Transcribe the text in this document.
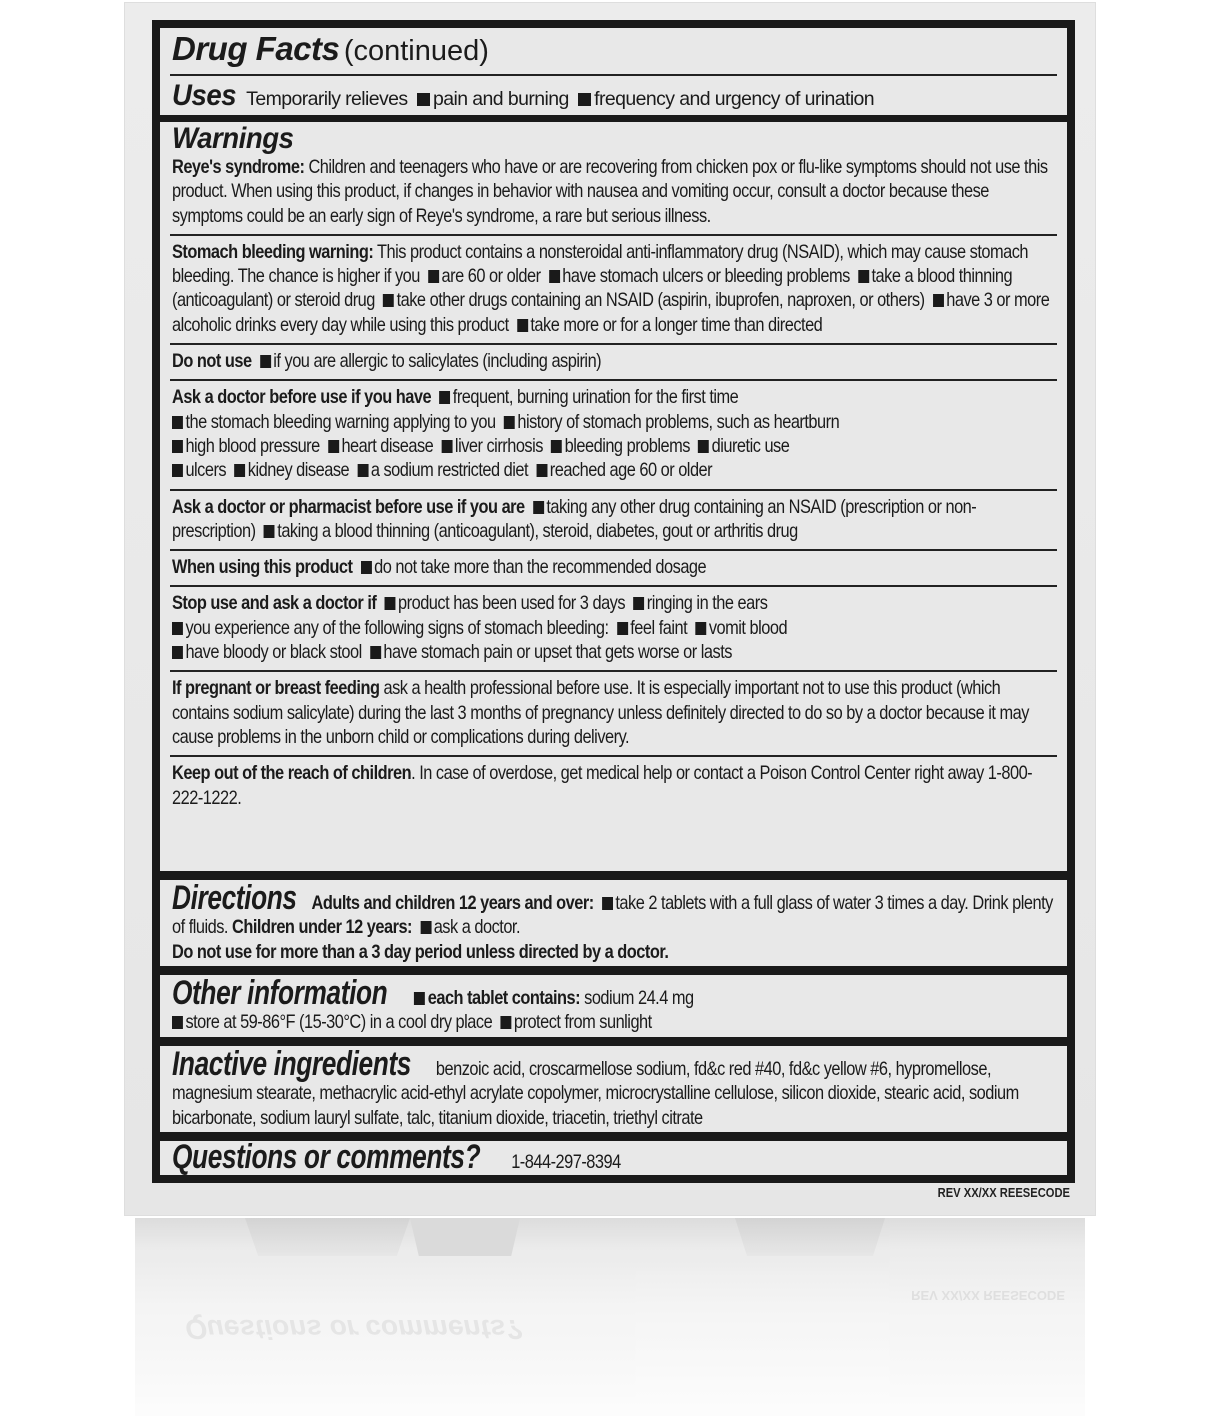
Drug Facts (continued)
Uses Temporarily relieves pain and burning frequency and urgency of urination
Warnings
Reye's syndrome: Children and teenagers who have or are recovering from chicken pox or flu-like symptoms should not use this product. When using this product, if changes in behavior with nausea and vomiting occur, consult a doctor because these symptoms could be an early sign of Reye's syndrome, a rare but serious illness.
Stomach bleeding warning: This product contains a nonsteroidal anti-inflammatory drug (NSAID), which may cause stomach bleeding. The chance is higher if you are 60 or older have stomach ulcers or bleeding problems take a blood thinning (anticoagulant) or steroid drug take other drugs containing an NSAID (aspirin, ibuprofen, naproxen, or others) have 3 or more alcoholic drinks every day while using this product take more or for a longer time than directed
Do not use if you are allergic to salicylates (including aspirin)
Ask a doctor before use if you have frequent, burning urination for the first time
the stomach bleeding warning applying to you history of stomach problems, such as heartburn
high blood pressure heart disease liver cirrhosis bleeding problems diuretic use
ulcers kidney disease a sodium restricted diet reached age 60 or older
Ask a doctor or pharmacist before use if you are taking any other drug containing an NSAID (prescription or non-prescription) taking a blood thinning (anticoagulant), steroid, diabetes, gout or arthritis drug
When using this product do not take more than the recommended dosage
Stop use and ask a doctor if product has been used for 3 days ringing in the ears
you experience any of the following signs of stomach bleeding: feel faint vomit blood
have bloody or black stool have stomach pain or upset that gets worse or lasts
If pregnant or breast feeding ask a health professional before use. It is especially important not to use this product (which contains sodium salicylate) during the last 3 months of pregnancy unless definitely directed to do so by a doctor because it may cause problems in the unborn child or complications during delivery.
Keep out of the reach of children. In case of overdose, get medical help or contact a Poison Control Center right away 1-800-222-1222.
Directions Adults and children 12 years and over: take 2 tablets with a full glass of water 3 times a day. Drink plenty of fluids. Children under 12 years: ask a doctor.
Do not use for more than a 3 day period unless directed by a doctor.
Other information each tablet contains: sodium 24.4 mg
store at 59-86°F (15-30°C) in a cool dry place protect from sunlight
Inactive ingredients benzoic acid, croscarmellose sodium, fd&c red #40, fd&c yellow #6, hypromellose, magnesium stearate, methacrylic acid-ethyl acrylate copolymer, microcrystalline cellulose, silicon dioxide, stearic acid, sodium bicarbonate, sodium lauryl sulfate, talc, titanium dioxide, triacetin, triethyl citrate
Questions or comments? 1-844-297-8394
REV XX/XX REESECODE
Questions or comments?
REV XX/XX REESECODE
